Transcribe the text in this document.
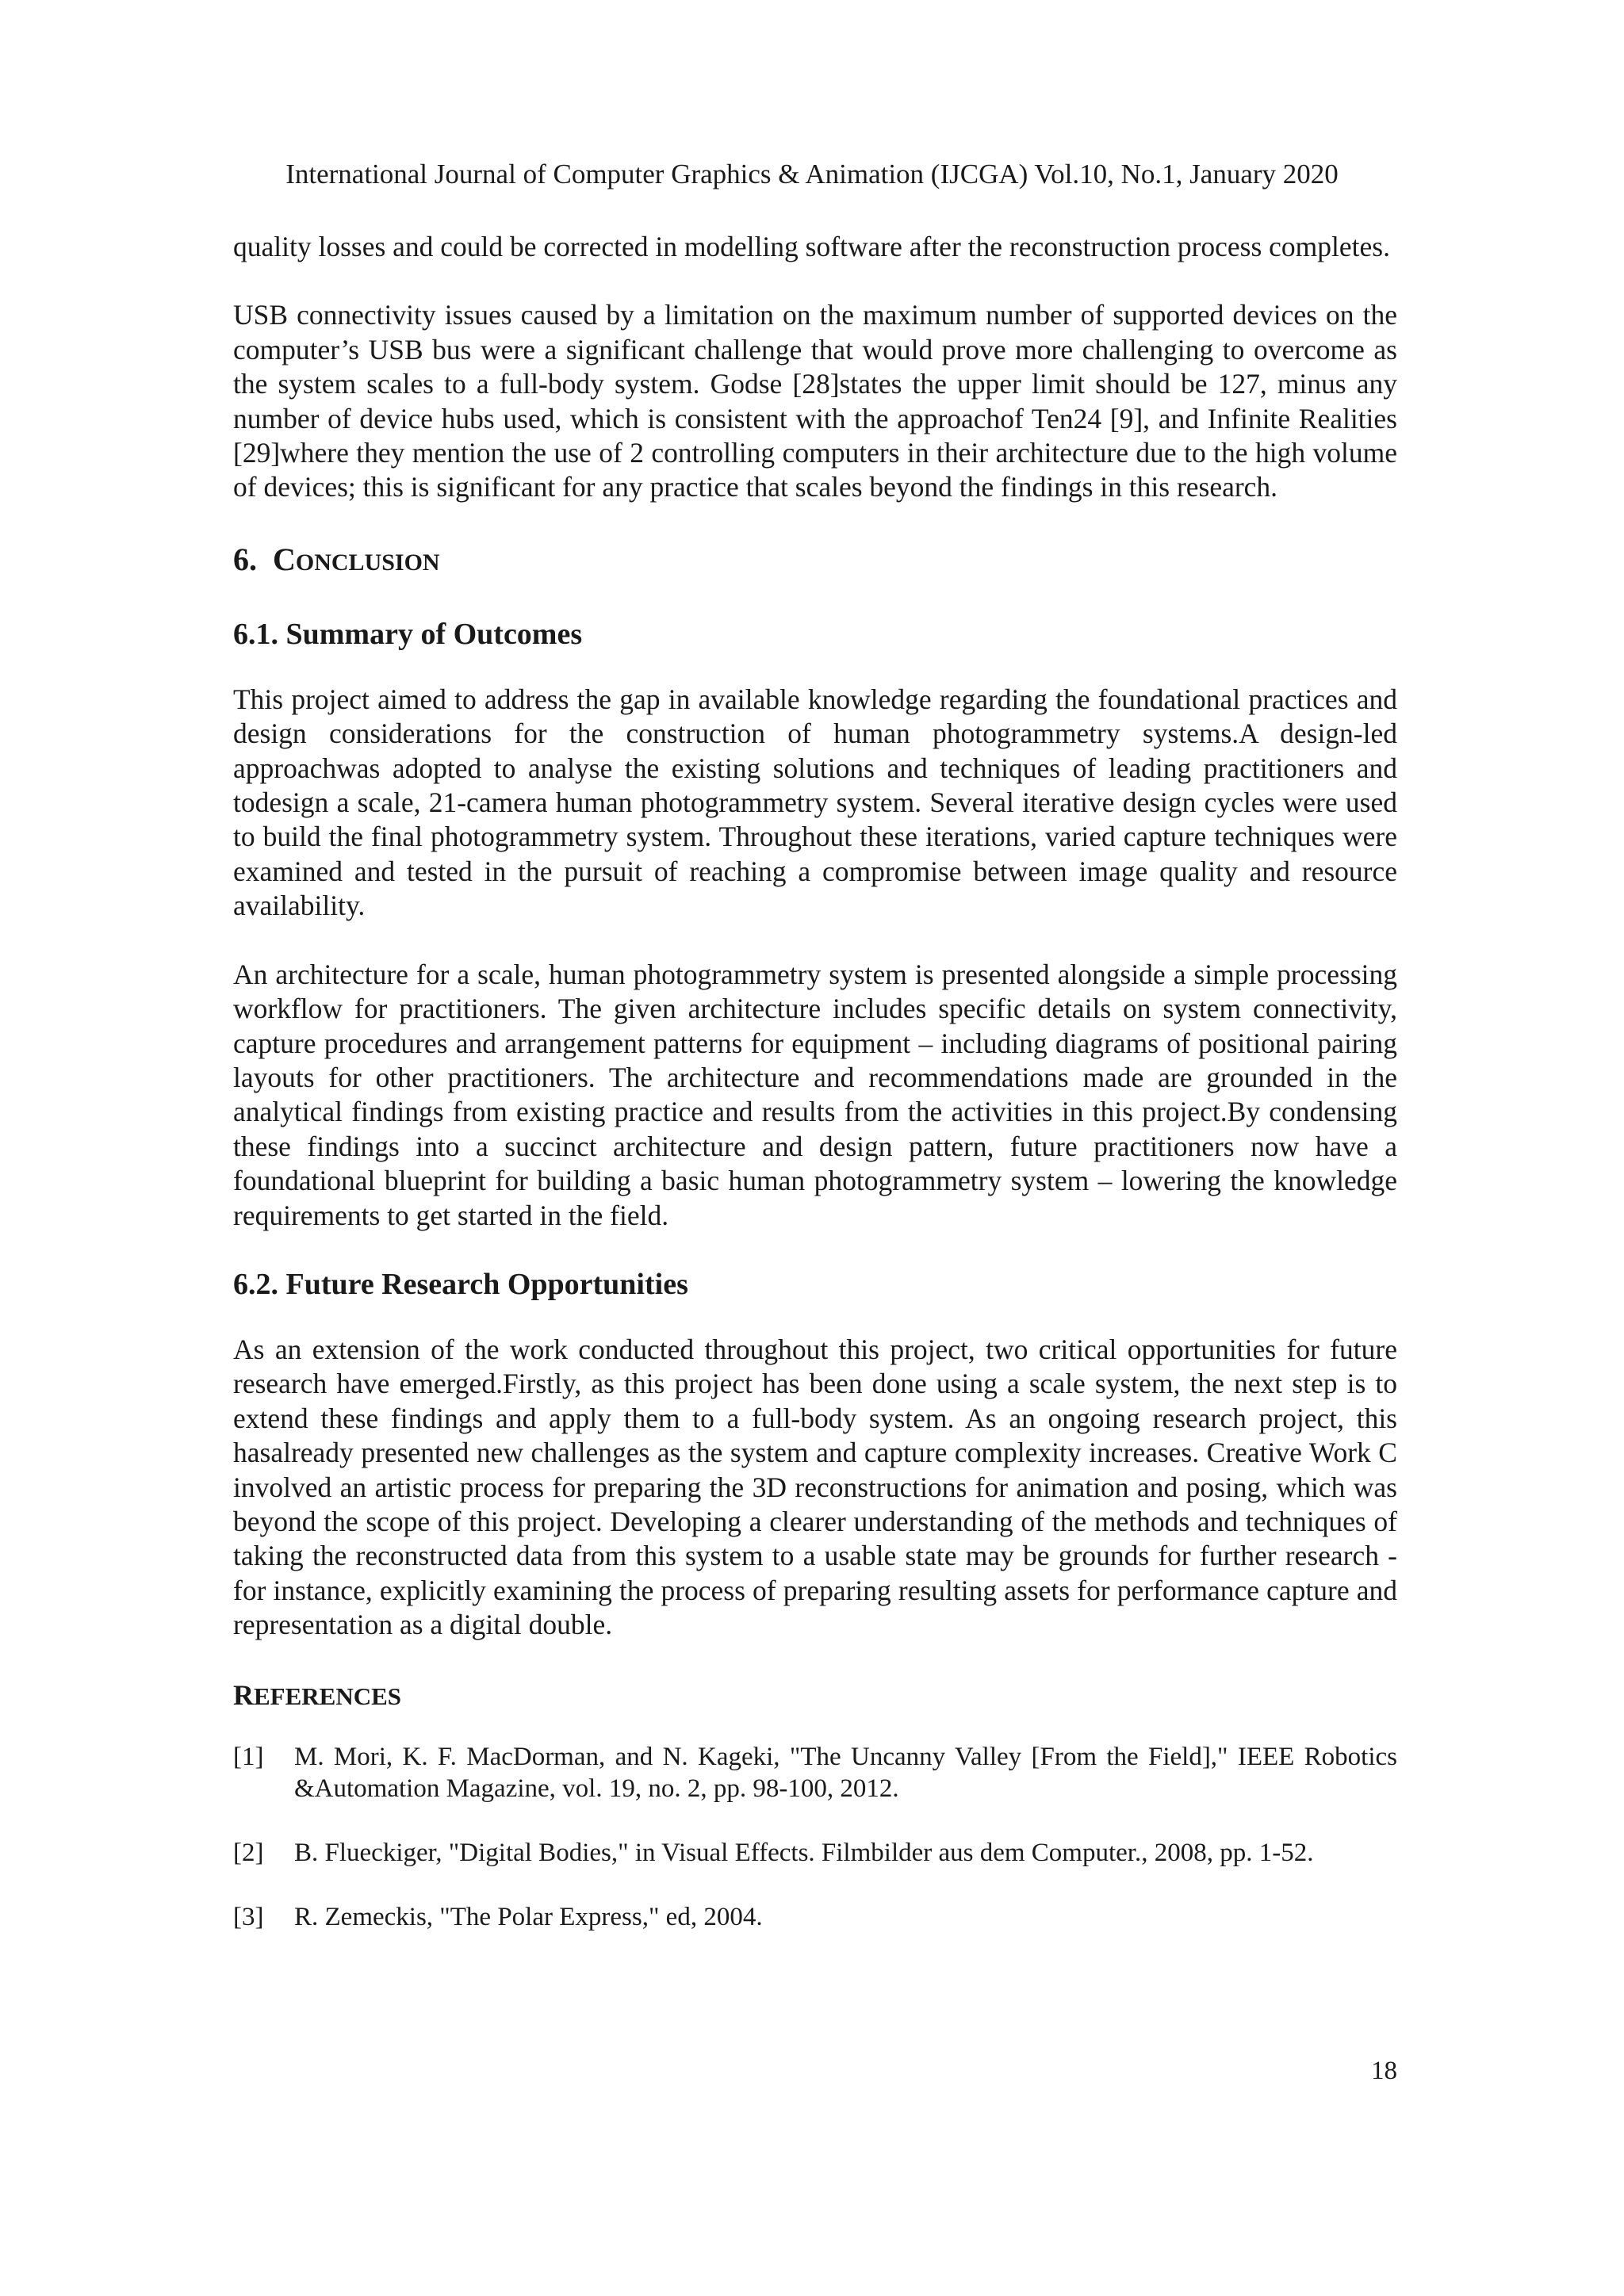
International Journal of Computer Graphics & Animation (IJCGA) Vol.10, No.1, January 2020

quality losses and could be corrected in modelling software after the reconstruction process completes.

USB connectivity issues caused by a limitation on the maximum number of supported devices on the computer’s USB bus were a significant challenge that would prove more challenging to overcome as the system scales to a full-body system. Godse [28]states the upper limit should be 127, minus any number of device hubs used, which is consistent with the approachof Ten24 [9], and Infinite Realities [29]where they mention the use of 2 controlling computers in their architecture due to the high volume of devices; this is significant for any practice that scales beyond the findings in this research.

6. CONCLUSION
6.1. Summary of Outcomes

This project aimed to address the gap in available knowledge regarding the foundational practices and design considerations for the construction of human photogrammetry systems.A design-led approachwas adopted to analyse the existing solutions and techniques of leading practitioners and todesign a scale, 21-camera human photogrammetry system. Several iterative design cycles were used to build the final photogrammetry system. Throughout these iterations, varied capture techniques were examined and tested in the pursuit of reaching a compromise between image quality and resource availability.

An architecture for a scale, human photogrammetry system is presented alongside a simple processing workflow for practitioners. The given architecture includes specific details on system connectivity, capture procedures and arrangement patterns for equipment – including diagrams of positional pairing layouts for other practitioners. The architecture and recommendations made are grounded in the analytical findings from existing practice and results from the activities in this project.By condensing these findings into a succinct architecture and design pattern, future practitioners now have a foundational blueprint for building a basic human photogrammetry system – lowering the knowledge requirements to get started in the field.

6.2. Future Research Opportunities

As an extension of the work conducted throughout this project, two critical opportunities for future research have emerged.Firstly, as this project has been done using a scale system, the next step is to extend these findings and apply them to a full-body system. As an ongoing research project, this hasalready presented new challenges as the system and capture complexity increases. Creative Work C involved an artistic process for preparing the 3D reconstructions for animation and posing, which was beyond the scope of this project. Developing a clearer understanding of the methods and techniques of taking the reconstructed data from this system to a usable state may be grounds for further research -for instance, explicitly examining the process of preparing resulting assets for performance capture and representation as a digital double.

REFERENCES
[1]	M. Mori, K. F. MacDorman, and N. Kageki, "The Uncanny Valley [From the Field]," IEEE Robotics &Automation Magazine, vol. 19, no. 2, pp. 98-100, 2012.
[2]	B. Flueckiger, "Digital Bodies," in Visual Effects. Filmbilder aus dem Computer., 2008, pp. 1-52.
[3]	R. Zemeckis, "The Polar Express," ed, 2004.
18
